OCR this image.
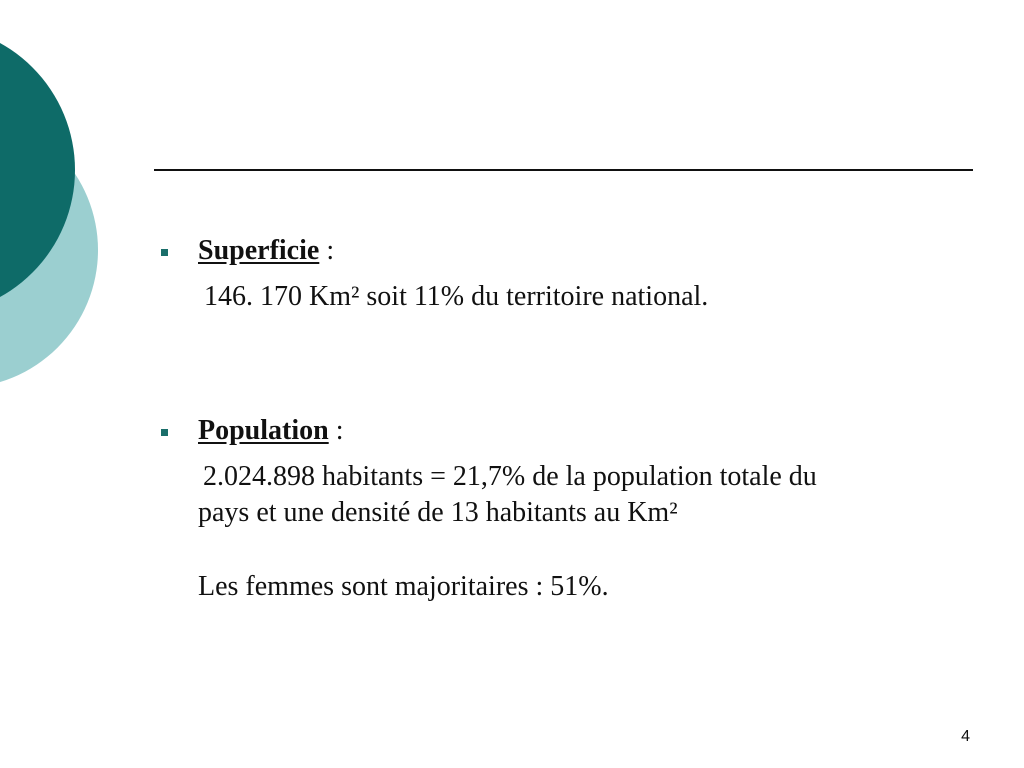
Superficie :
146. 170 Km² soit 11% du territoire national.
Population :
2.024.898 habitants = 21,7% de la population totale du
pays et une densité de 13 habitants au Km²
Les femmes sont majoritaires : 51%.
4
